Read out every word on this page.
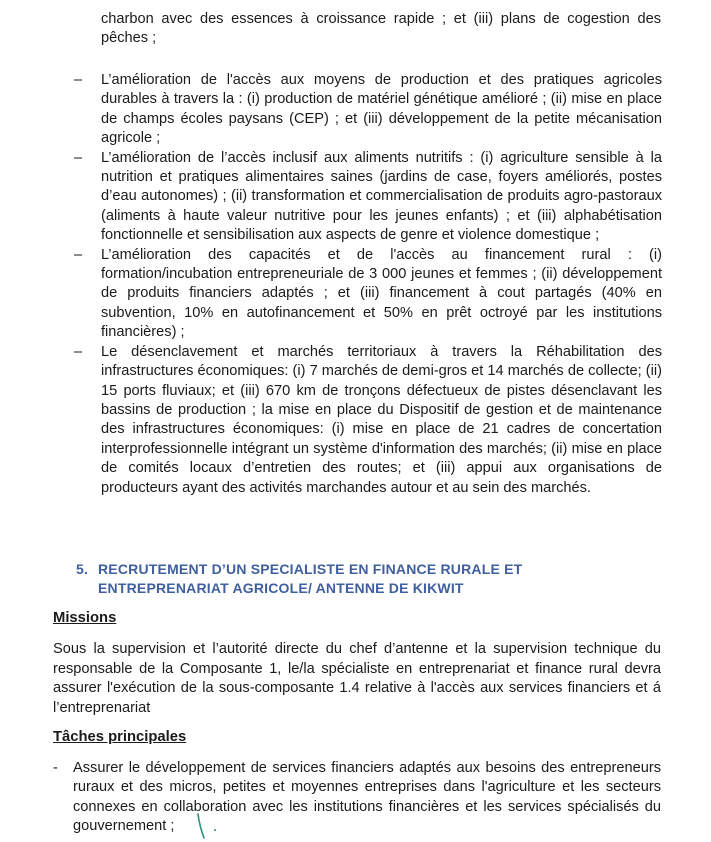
charbon avec des essences à croissance rapide ; et (iii) plans de cogestion des pêches ;
– L’amélioration de l'accès aux moyens de production et des pratiques agricoles durables à travers la : (i) production de matériel génétique amélioré ; (ii) mise en place de champs écoles paysans (CEP) ; et (iii) développement de la petite mécanisation agricole ;
– L’amélioration de l’accès inclusif aux aliments nutritifs : (i) agriculture sensible à la nutrition et pratiques alimentaires saines (jardins de case, foyers améliorés, postes d’eau autonomes) ; (ii) transformation et commercialisation de produits agro-pastoraux (aliments à haute valeur nutritive pour les jeunes enfants) ; et (iii) alphabétisation fonctionnelle et sensibilisation aux aspects de genre et violence domestique ;
– L’amélioration des capacités et de l'accès au financement rural : (i) formation/incubation entrepreneuriale de 3 000 jeunes et femmes ; (ii) développement de produits financiers adaptés ; et (iii) financement à cout partagés (40% en subvention, 10% en autofinancement et 50% en prêt octroyé par les institutions financières) ;
– Le désenclavement et marchés territoriaux à travers la Réhabilitation des infrastructures économiques: (i) 7 marchés de demi-gros et 14 marchés de collecte; (ii) 15 ports fluviaux; et (iii) 670 km de tronçons défectueux de pistes désenclavant les bassins de production ; la mise en place du Dispositif de gestion et de maintenance des infrastructures économiques: (i) mise en place de 21 cadres de concertation interprofessionnelle intégrant un système d'information des marchés; (ii) mise en place de comités locaux d’entretien des routes; et (iii) appui aux organisations de producteurs ayant des activités marchandes autour et au sein des marchés.
5. RECRUTEMENT D’UN SPECIALISTE EN FINANCE RURALE ET
ENTREPRENARIAT AGRICOLE/ ANTENNE DE KIKWIT
Missions

Sous la supervision et l’autorité directe du chef d’antenne et la supervision technique du responsable de la Composante 1, le/la spécialiste en entreprenariat et finance rural devra assurer l'exécution de la sous-composante 1.4 relative à l'accès aux services financiers et á l’entreprenariat

Tâches principales
- Assurer le développement de services financiers adaptés aux besoins des entrepreneurs ruraux et des micros, petites et moyennes entreprises dans l'agriculture et les secteurs connexes en collaboration avec les institutions financières et les services spécialisés du gouvernement ;
